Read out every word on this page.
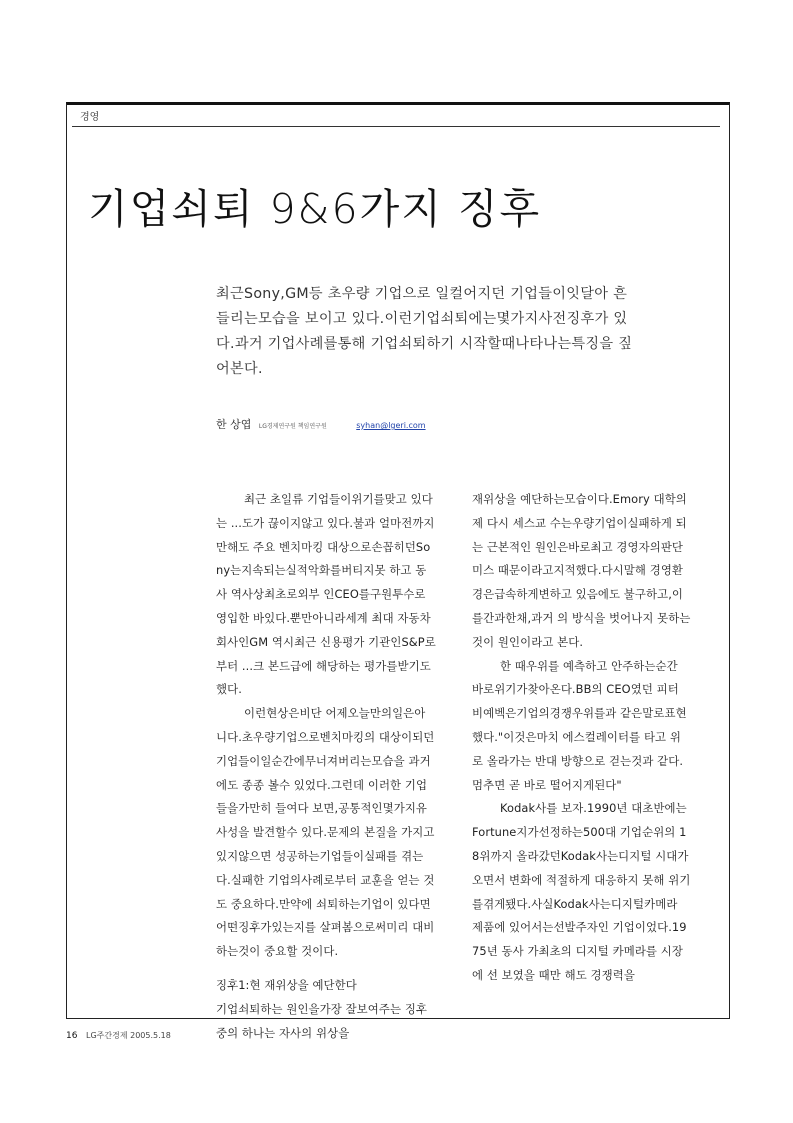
경영
기업쇠퇴 9&6가지 징후
최근Sony,GM등 초우량 기업으로 일컬어지던 기업들이잇달아 흔들리는모습을 보이고 있다.이런기업쇠퇴에는몇가지사전징후가 있다.과거 기업사례를통해 기업쇠퇴하기 시작할때나타나는특징을 짚어본다.
한 상엽 LG경제연구원 책임연구원	syhan@lgeri.com

최근 초일류 기업들이위기를맞고 있다는 ...도가 끊이지않고 있다.불과 얼마전까지만해도 주요 벤치마킹 대상으로손꼽히던Sony는지속되는실적악화를버티지못 하고 동사 역사상최초로외부 인CEO를구원투수로 영입한 바있다.뿐만아니라세계 최대 자동차 회사인GM 역시최근 신용평가 기관인S&P로부터 ...크 본드급에 해당하는 평가를받기도했다.

이런현상은비단 어제오늘만의일은아니다.초우량기업으로벤치마킹의 대상이되던기업들이일순간에무너져버리는모습을 과거에도 종종 볼수 있었다.그런데 이러한 기업들을가만히 들여다 보면,공통적인몇가지유사성을 발견할수 있다.문제의 본질을 가지고 있지않으면 성공하는기업들이실패를 겪는다.실패한 기업의사례로부터 교훈을 얻는 것도 중요하다.만약에 쇠퇴하는기업이 있다면 어떤징후가있는지를 살펴봄으로써미리 대비하는것이 중요할 것이다.

징후1:현 재위상을 예단한다

기업쇠퇴하는 원인을가장 잘보여주는 징후 중의 하나는 자사의 위상을

재위상을 예단하는모습이다.Emory 대학의 제 다시 세스교 수는우량기업이실패하게 되는 근본적인 원인은바로최고 경영자의판단미스 때문이라고지적했다.다시말해 경영환경은급속하게변하고 있음에도 불구하고,이를간과한채,과거 의 방식을 벗어나지 못하는 것이 원인이라고 본다.

한 때우위를 예측하고 안주하는순간 바로위기가찾아온다.BB의 CEO였던 피터 비예벡은기업의경쟁우위를과 같은말로표현했다."이것은마치 에스컬레이터를 타고 위로 올라가는 반대 방향으로 걷는것과 같다.멈추면 곧 바로 떨어지게된다"

Kodak사를 보자.1990년 대초반에는 Fortune지가선정하는500대 기업순위의 18위까지 올라갔던Kodak사는디지털 시대가오면서 변화에 적절하게 대응하지 못해 위기를겪게됐다.사실Kodak사는디지털카메라 제품에 있어서는선발주자인 기업이었다.1975년 동사 가최초의 디지털 카메라를 시장에 선 보였을 때만 해도 경쟁력을

16 LG주간경제 2005.5.18
